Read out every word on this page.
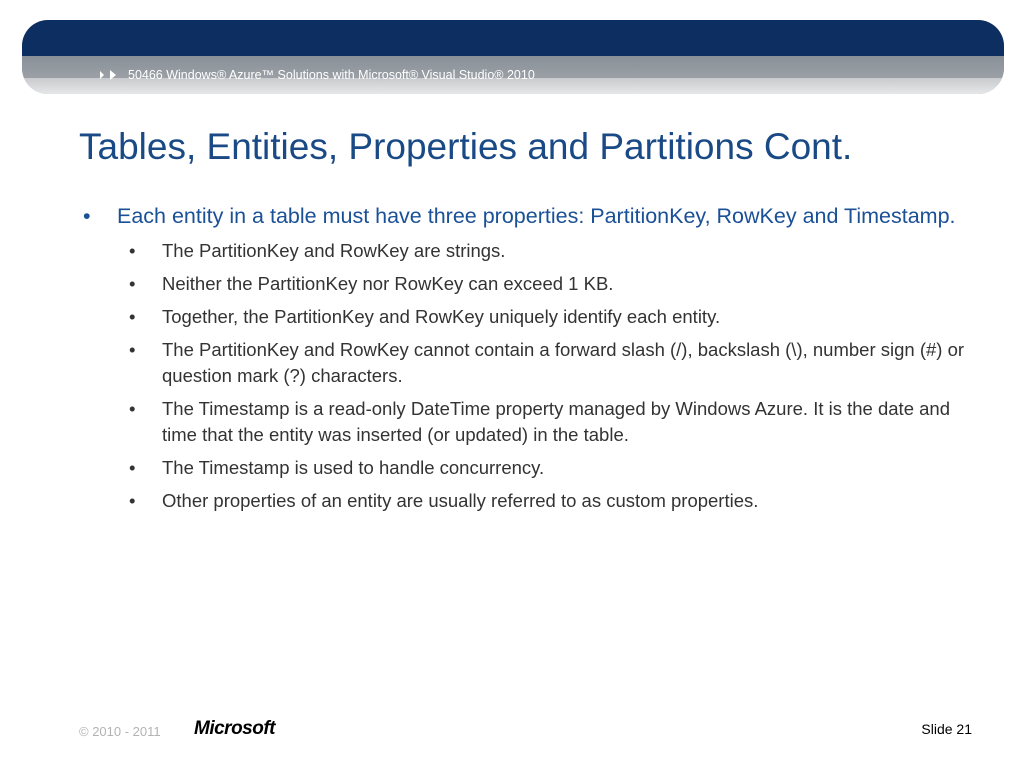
50466 Windows® Azure™ Solutions with Microsoft® Visual Studio® 2010
Tables, Entities, Properties and Partitions Cont.
• Each entity in a table must have three properties: PartitionKey, RowKey and Timestamp.
• The PartitionKey and RowKey are strings.
• Neither the PartitionKey nor RowKey can exceed 1 KB.
• Together, the PartitionKey and RowKey uniquely identify each entity.
• The PartitionKey and RowKey cannot contain a forward slash (/), backslash (\), number sign (#) or question mark (?) characters.
• The Timestamp is a read-only DateTime property managed by Windows Azure. It is the date and time that the entity was inserted (or updated) in the table.
• The Timestamp is used to handle concurrency.
• Other properties of an entity are usually referred to as custom properties.
© 2010 - 2011 Microsoft	Slide 21
